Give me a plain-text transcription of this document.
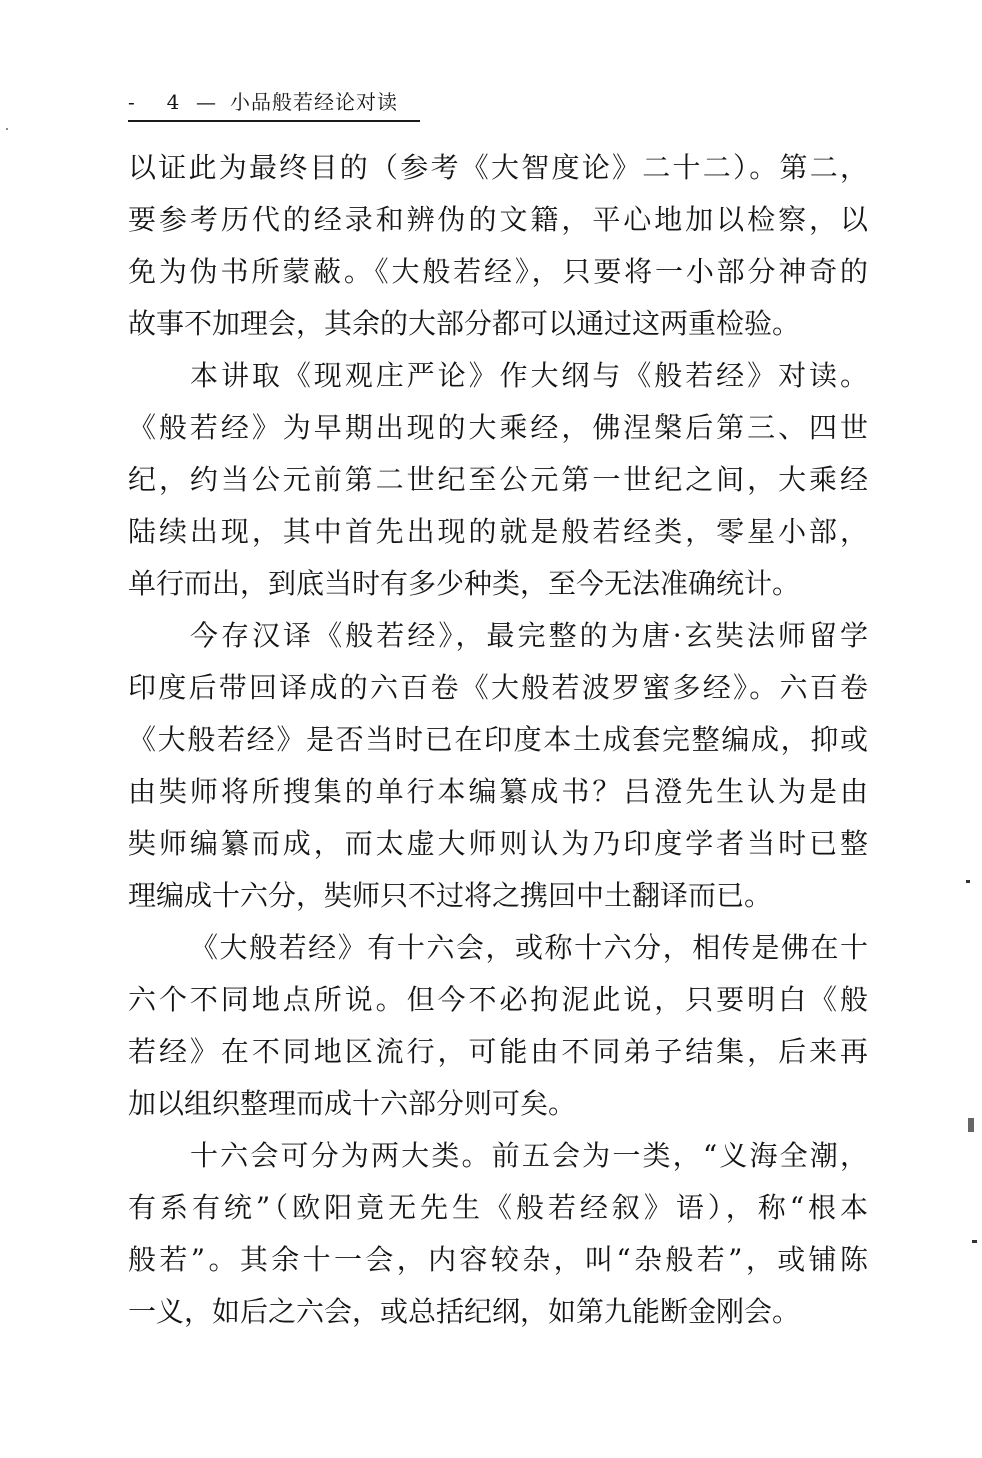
-	4 — 小品般若经论对读
以证此为最终目的（参考《大智度论》二十二）。第二，
要参考历代的经录和辨伪的文籍，平心地加以检察，以
免为伪书所蒙蔽。《大般若经》，只要将一小部分神奇的
故事不加理会，其余的大部分都可以通过这两重检验。
本讲取《现观庄严论》作大纲与《般若经》对读。
《般若经》为早期出现的大乘经，佛涅槃后第三、四世
纪，约当公元前第二世纪至公元第一世纪之间，大乘经
陆续出现，其中首先出现的就是般若经类，零星小部，
单行而出，到底当时有多少种类，至今无法准确统计。
今存汉译《般若经》，最完整的为唐·玄奘法师留学
印度后带回译成的六百卷《大般若波罗蜜多经》。六百卷
《大般若经》是否当时已在印度本土成套完整编成，抑或
由奘师将所搜集的单行本编纂成书？吕澄先生认为是由
奘师编纂而成，而太虚大师则认为乃印度学者当时已整
理编成十六分，奘师只不过将之携回中土翻译而已。
《大般若经》有十六会，或称十六分，相传是佛在十
六个不同地点所说。但今不必拘泥此说，只要明白《般
若经》在不同地区流行，可能由不同弟子结集，后来再
加以组织整理而成十六部分则可矣。
十六会可分为两大类。前五会为一类，“义海全潮，
有系有统”（欧阳竟无先生《般若经叙》语），称“根本
般若”。其余十一会，内容较杂，叫“杂般若”，或铺陈
一义，如后之六会，或总括纪纲，如第九能断金刚会。
